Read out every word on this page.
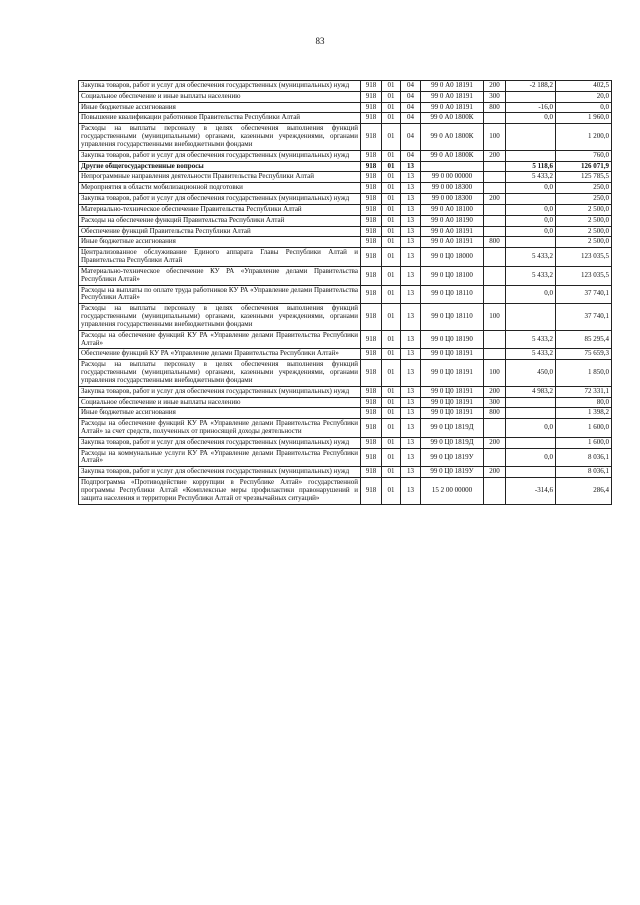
83
Закупка товаров, работ и услуг для обеспечения государственных (муниципальных) нужд	918	01	04	99 0 А0 18191	200	-2 188,2	402,5
Социальное обеспечение и иные выплаты населению	918	01	04	99 0 А0 18191	300		20,0
Иные бюджетные ассигнования	918	01	04	99 0 А0 18191	800	-16,0	0,0
Повышение квалификации работников Правительства Республики Алтай	918	01	04	99 0 А0 1800К		0,0	1 960,0
Расходы на выплаты персоналу в целях обеспечения выполнения функций государственными (муниципальными) органами, казенными учреждениями, органами управления государственными внебюджетными фондами	918	01	04	99 0 А0 1800К	100		1 200,0
Закупка товаров, работ и услуг для обеспечения государственных (муниципальных) нужд	918	01	04	99 0 А0 1800К	200		760,0
Другие общегосударственные вопросы	918	01	13			5 118,6	126 071,9
Непрограммные направления деятельности Правительства Республики Алтай	918	01	13	99 0 00 00000		5 433,2	125 785,5
Мероприятия в области мобилизационной подготовки	918	01	13	99 0 00 18300		0,0	250,0
Закупка товаров, работ и услуг для обеспечения государственных (муниципальных) нужд	918	01	13	99 0 00 18300	200		250,0
Материально-техническое обеспечение Правительства Республики Алтай	918	01	13	99 0 А0 18100		0,0	2 500,0
Расходы на обеспечение функций Правительства Республики Алтай	918	01	13	99 0 А0 18190		0,0	2 500,0
Обеспечение функций Правительства Республики Алтай	918	01	13	99 0 А0 18191		0,0	2 500,0
Иные бюджетные ассигнования	918	01	13	99 0 А0 18191	800		2 500,0
Централизованное обслуживание Единого аппарата Главы Республики Алтай и Правительства Республики Алтай	918	01	13	99 0 Ц0 18000		5 433,2	123 035,5
Материально-техническое обеспечение КУ РА «Управление делами Правительства Республики Алтай»	918	01	13	99 0 Ц0 18100		5 433,2	123 035,5
Расходы на выплаты по оплате труда работников КУ РА «Управление делами Правительства Республики Алтай»	918	01	13	99 0 Ц0 18110		0,0	37 740,1
Расходы на выплаты персоналу в целях обеспечения выполнения функций государственными (муниципальными) органами, казенными учреждениями, органами управления государственными внебюджетными фондами	918	01	13	99 0 Ц0 18110	100		37 740,1
Расходы на обеспечение функций КУ РА «Управление делами Правительства Республики Алтай»	918	01	13	99 0 Ц0 18190		5 433,2	85 295,4
Обеспечение функций КУ РА «Управление делами Правительства Республики Алтай»	918	01	13	99 0 Ц0 18191		5 433,2	75 659,3
Расходы на выплаты персоналу в целях обеспечения выполнения функций государственными (муниципальными) органами, казенными учреждениями, органами управления государственными внебюджетными фондами	918	01	13	99 0 Ц0 18191	100	450,0	1 850,0
Закупка товаров, работ и услуг для обеспечения государственных (муниципальных) нужд	918	01	13	99 0 Ц0 18191	200	4 983,2	72 331,1
Социальное обеспечение и иные выплаты населению	918	01	13	99 0 Ц0 18191	300		80,0
Иные бюджетные ассигнования	918	01	13	99 0 Ц0 18191	800		1 398,2
Расходы на обеспечение функций КУ РА «Управление делами Правительства Республики Алтай» за счет средств, полученных от приносящей доходы деятельности	918	01	13	99 0 Ц0 1819Д		0,0	1 600,0
Закупка товаров, работ и услуг для обеспечения государственных (муниципальных) нужд	918	01	13	99 0 Ц0 1819Д	200		1 600,0
Расходы на коммунальные услуги КУ РА «Управление делами Правительства Республики Алтай»	918	01	13	99 0 Ц0 1819У		0,0	8 036,1
Закупка товаров, работ и услуг для обеспечения государственных (муниципальных) нужд	918	01	13	99 0 Ц0 1819У	200		8 036,1
Подпрограмма «Противодействие коррупции в Республике Алтай» государственной программы Республики Алтай «Комплексные меры профилактики правонарушений и защита населения и территории Республики Алтай от чрезвычайных ситуаций»	918	01	13	15 2 00 00000		-314,6	286,4
